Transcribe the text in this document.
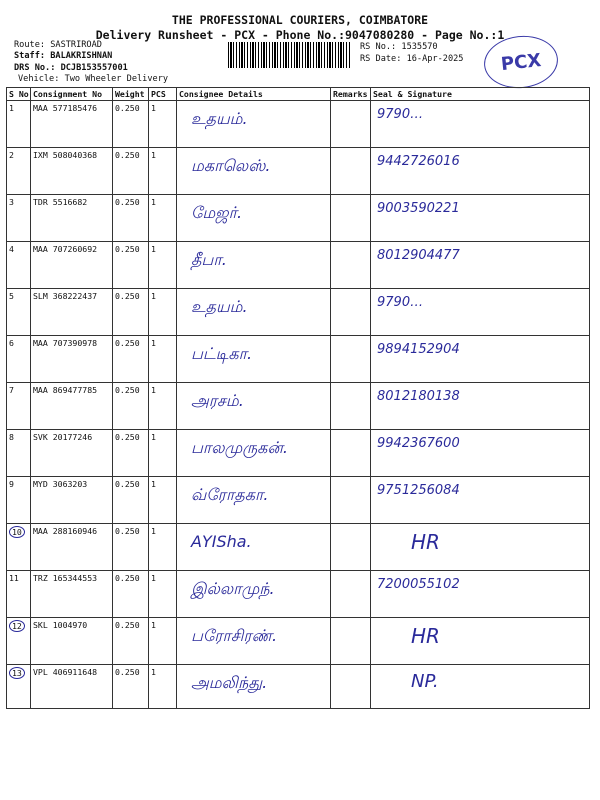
THE PROFESSIONAL COURIERS, COIMBATORE
Delivery Runsheet - PCX - Phone No.:9047080280 - Page No.:1
Route: SASTRIROAD
Staff: BALAKRISHNAN
DRS No.: DCJB153557001
Vehicle: Two Wheeler Delivery
RS No.: 1535570
RS Date: 16-Apr-2025	PCX
S No	Consignment No	Weight	PCS	Consignee Details	Remarks	Seal & Signature
1	MAA 577185476	0.250	1	உதயம்.		9790…
2	IXM 508040368	0.250	1	மகாலெஸ்.		9442726016
3	TDR 5516682	0.250	1	மேஜர்.		9003590221
4	MAA 707260692	0.250	1	தீபா.		8012904477
5	SLM 368222437	0.250	1	உதயம்.		9790…
6	MAA 707390978	0.250	1	பட்டிகா.		9894152904
7	MAA 869477785	0.250	1	அரசம்.		8012180138
8	SVK 20177246	0.250	1	பாலமுருகன்.		9942367600
9	MYD 3063203	0.250	1	வ்ரோதகா.		9751256084
10	MAA 288160946	0.250	1	AYISha.		HR
11	TRZ 165344553	0.250	1	இல்லாமுந்.		7200055102
12	SKL 1004970	0.250	1	பரோசிரண்.		HR
13	VPL 406911648	0.250	1	அமலிந்து.		NP.
